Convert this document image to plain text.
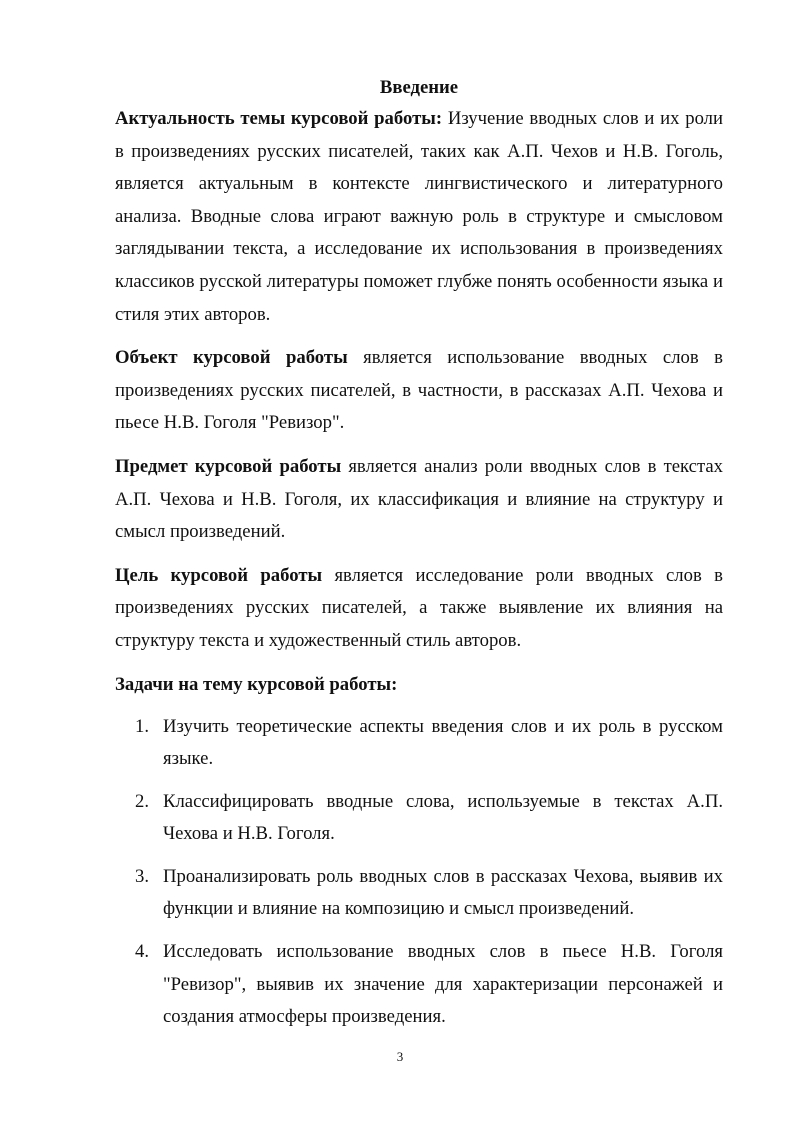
Введение

Актуальность темы курсовой работы: Изучение вводных слов и их роли в произведениях русских писателей, таких как А.П. Чехов и Н.В. Гоголь, является актуальным в контексте лингвистического и литературного анализа. Вводные слова играют важную роль в структуре и смысловом заглядывании текста, а исследование их использования в произведениях классиков русской литературы поможет глубже понять особенности языка и стиля этих авторов.

Объект курсовой работы является использование вводных слов в произведениях русских писателей, в частности, в рассказах А.П. Чехова и пьесе Н.В. Гоголя "Ревизор".

Предмет курсовой работы является анализ роли вводных слов в текстах А.П. Чехова и Н.В. Гоголя, их классификация и влияние на структуру и смысл произведений.

Цель курсовой работы является исследование роли вводных слов в произведениях русских писателей, а также выявление их влияния на структуру текста и художественный стиль авторов.

Задачи на тему курсовой работы:
1. Изучить теоретические аспекты введения слов и их роль в русском языке.
2. Классифицировать вводные слова, используемые в текстах А.П. Чехова и Н.В. Гоголя.
3. Проанализировать роль вводных слов в рассказах Чехова, выявив их функции и влияние на композицию и смысл произведений.
4. Исследовать использование вводных слов в пьесе Н.В. Гоголя "Ревизор", выявив их значение для характеризации персонажей и создания атмосферы произведения.
3
